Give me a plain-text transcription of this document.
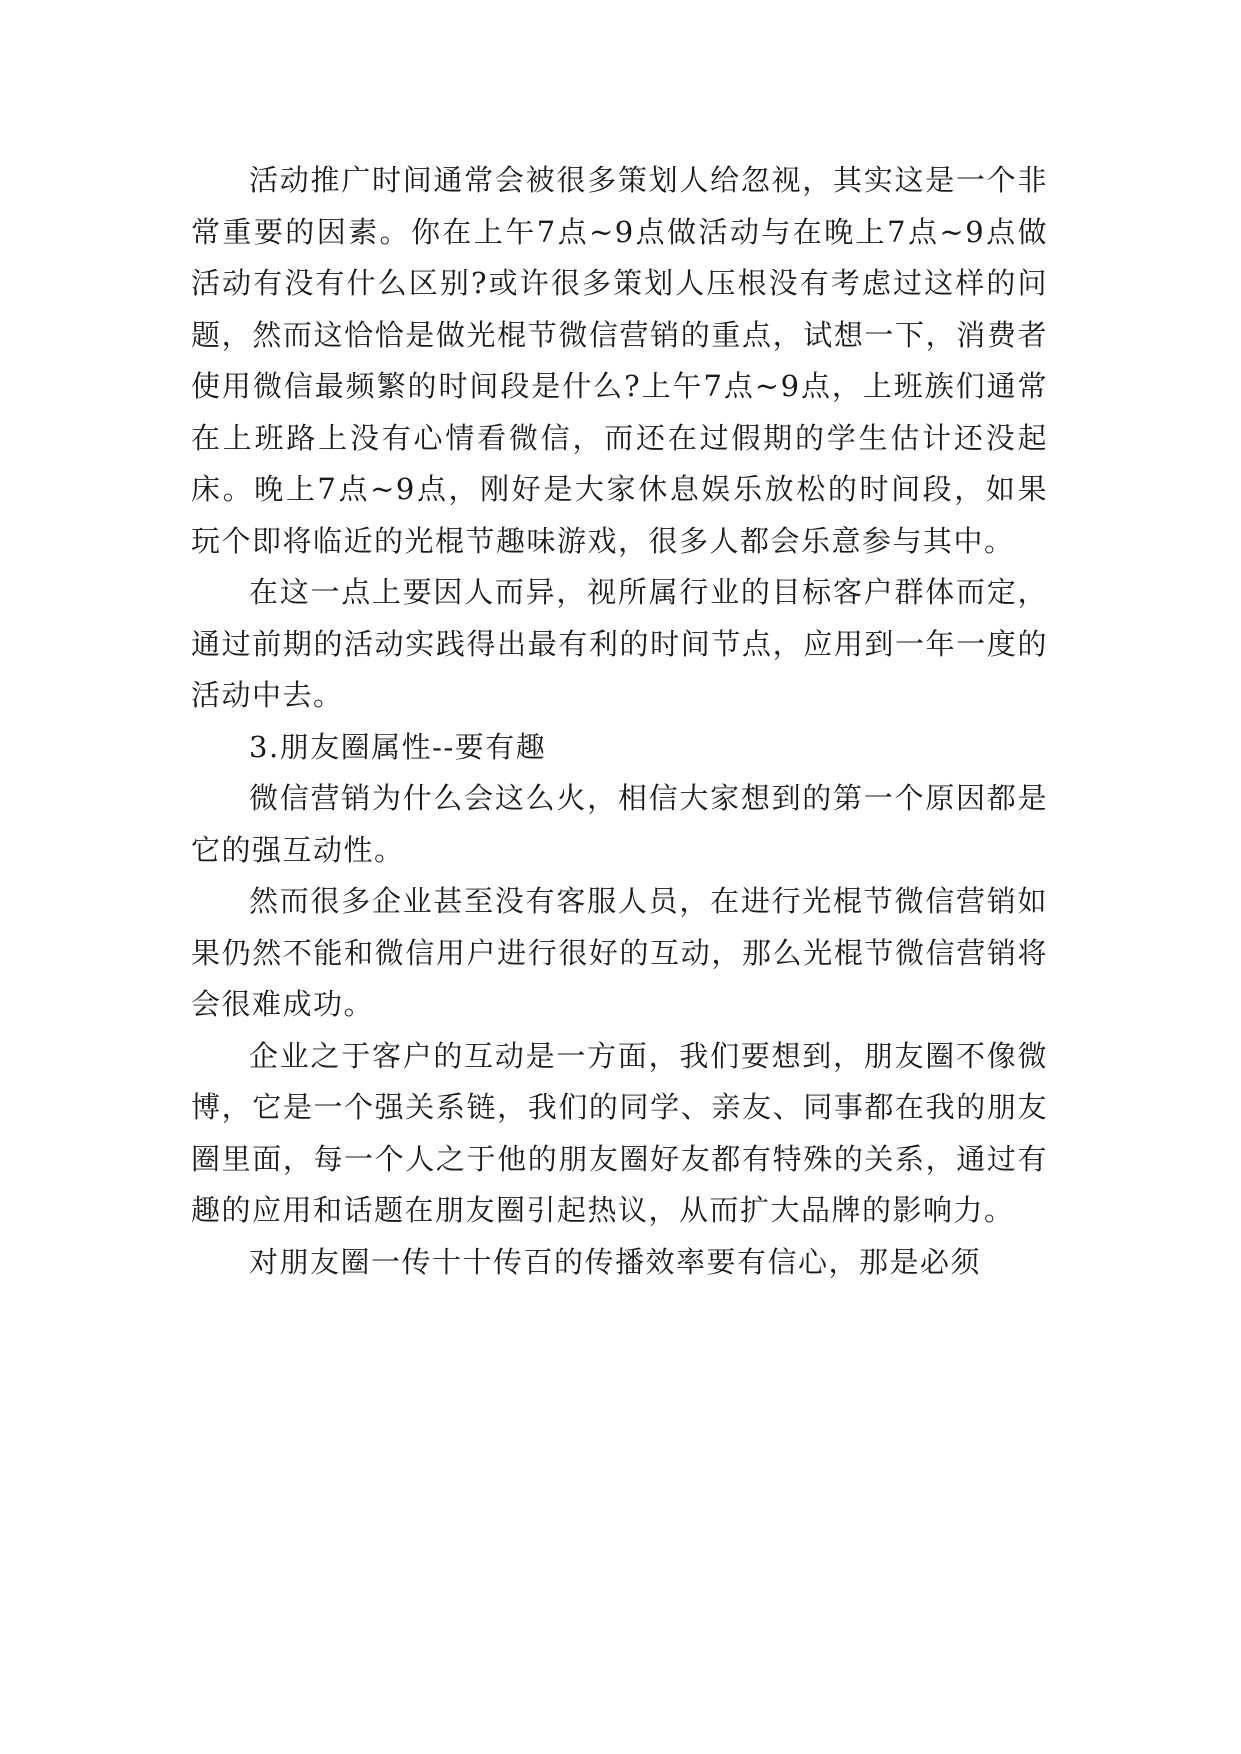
活动推广时间通常会被很多策划人给忽视，其实这是一个非常重要的因素。你在上午7点~9点做活动与在晚上7点~9点做活动有没有什么区别?或许很多策划人压根没有考虑过这样的问题，然而这恰恰是做光棍节微信营销的重点，试想一下，消费者使用微信最频繁的时间段是什么?上午7点~9点，上班族们通常在上班路上没有心情看微信，而还在过假期的学生估计还没起床。晚上7点~9点，刚好是大家休息娱乐放松的时间段，如果玩个即将临近的光棍节趣味游戏，很多人都会乐意参与其中。

在这一点上要因人而异，视所属行业的目标客户群体而定，通过前期的活动实践得出最有利的时间节点，应用到一年一度的活动中去。

3.朋友圈属性--要有趣

微信营销为什么会这么火，相信大家想到的第一个原因都是它的强互动性。

然而很多企业甚至没有客服人员，在进行光棍节微信营销如果仍然不能和微信用户进行很好的互动，那么光棍节微信营销将会很难成功。

企业之于客户的互动是一方面，我们要想到，朋友圈不像微博，它是一个强关系链，我们的同学、亲友、同事都在我的朋友圈里面，每一个人之于他的朋友圈好友都有特殊的关系，通过有趣的应用和话题在朋友圈引起热议，从而扩大品牌的影响力。

对朋友圈一传十十传百的传播效率要有信心，那是必须
